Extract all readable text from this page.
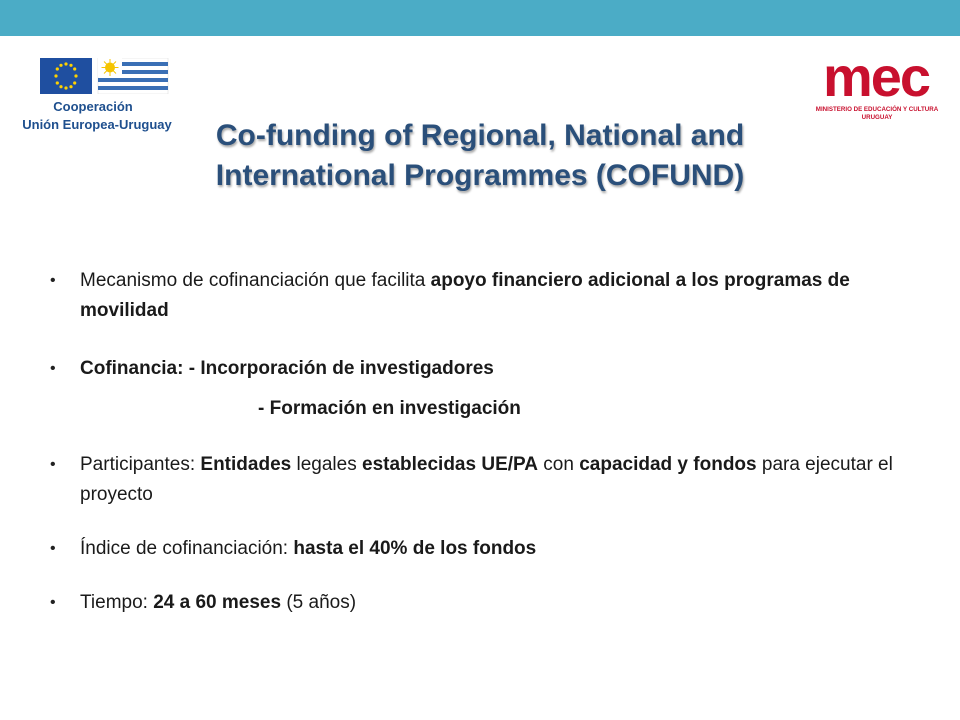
Cooperación
Unión Europea-Uruguay
mec
MINISTERIO DE EDUCACIÓN Y CULTURA
URUGUAY
Co-funding of Regional, National and
International Programmes (COFUND)
• Mecanismo de cofinanciación que facilita apoyo financiero adicional a los programas de movilidad
• Cofinancia: - Incorporación de investigadores
- Formación en investigación
• Participantes: Entidades legales establecidas UE/PA con capacidad y fondos para ejecutar el proyecto
• Índice de cofinanciación: hasta el 40% de los fondos
• Tiempo: 24 a 60 meses (5 años)
